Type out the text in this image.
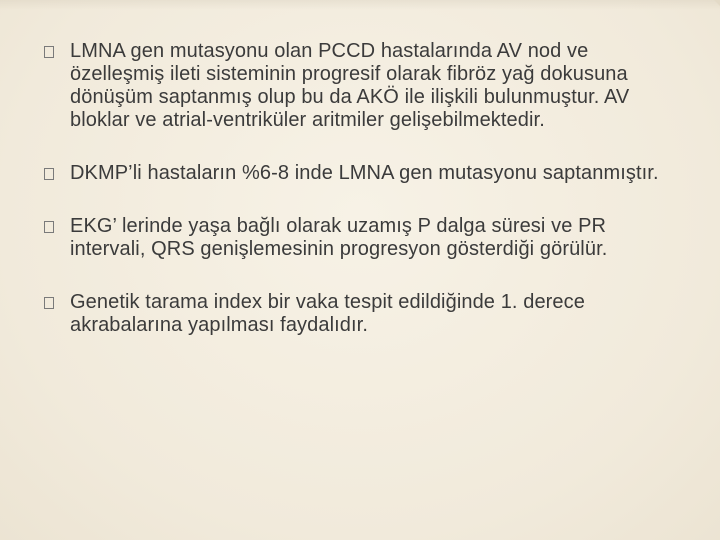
LMNA gen mutasyonu olan PCCD hastalarında AV nod ve özelleşmiş ileti sisteminin progresif olarak fibröz yağ dokusuna dönüşüm saptanmış olup bu da AKÖ ile ilişkili bulunmuştur. AV bloklar ve atrial-ventriküler aritmiler gelişebilmektedir.
DKMP’li hastaların %6-8 inde LMNA gen mutasyonu saptanmıştır.
EKG’ lerinde yaşa bağlı olarak uzamış P dalga süresi ve PR intervali, QRS genişlemesinin progresyon gösterdiği görülür.
Genetik tarama index bir vaka tespit edildiğinde 1. derece akrabalarına yapılması faydalıdır.
